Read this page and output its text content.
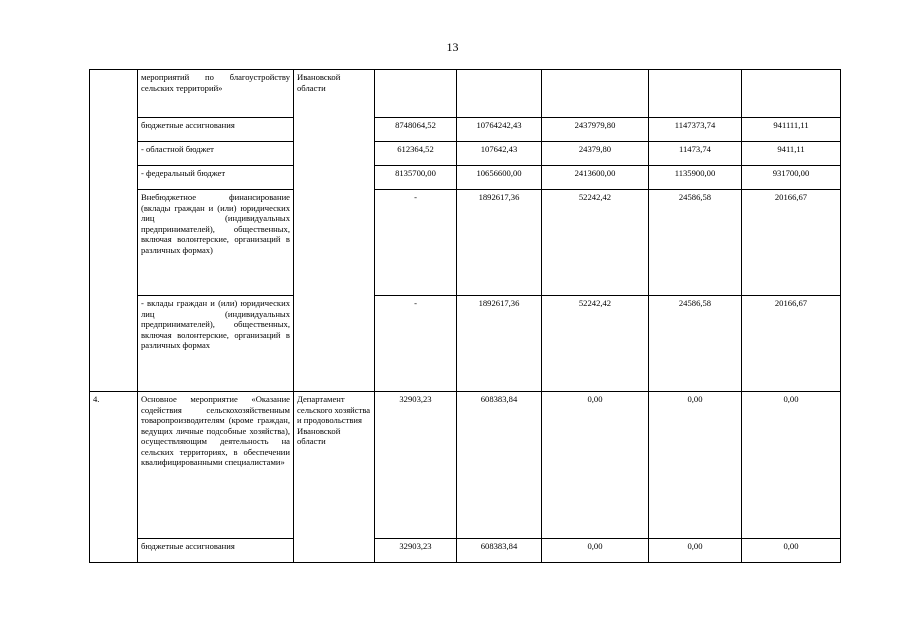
13
	мероприятий по благоустройству сельских территорий»	Ивановской области					
	бюджетные ассигнования		8748064,52	10764242,43	2437979,80	1147373,74	941111,11
	- областной бюджет		612364,52	107642,43	24379,80	11473,74	9411,11
	- федеральный бюджет		8135700,00	10656600,00	2413600,00	1135900,00	931700,00
	Внебюджетное финансирование (вклады граждан и (или) юридических лиц (индивидуальных предпринимателей), общественных, включая волонтерские, организаций в различных формах)		-	1892617,36	52242,42	24586,58	20166,67
	- вклады граждан и (или) юридических лиц (индивидуальных предпринимателей), общественных, включая волонтерские, организаций в различных формах		-	1892617,36	52242,42	24586,58	20166,67
4.	Основное мероприятие «Оказание содействия сельскохозяйственным товаропроизводителям (кроме граждан, ведущих личные подсобные хозяйства), осуществляющим деятельность на сельских территориях, в обеспечении квалифицированными специалистами»	Департамент сельского хозяйства и продовольствия Ивановской области	32903,23	608383,84	0,00	0,00	0,00
	бюджетные ассигнования		32903,23	608383,84	0,00	0,00	0,00
